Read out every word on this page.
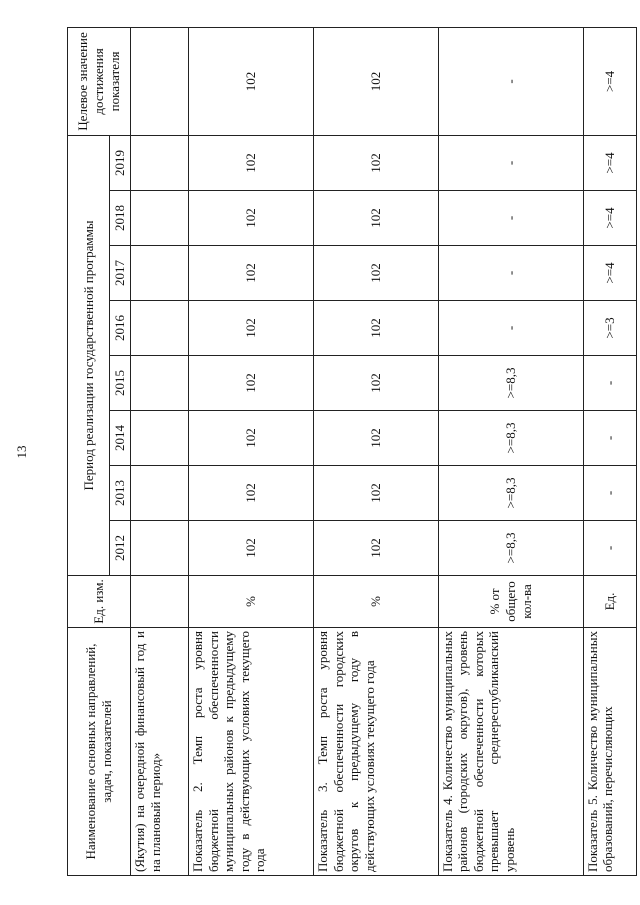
13
Наименование основных направлений, задач, показателей	Ед. изм.	Период реализации государственной программы								Целевое значение достижения показателя
		2012	2013	2014	2015	2016	2017	2018	2019	
(Якутия) на очередной финансовый год и на плановый период»										
Показатель 2. Темп роста уровня бюджетной обеспеченности муниципальных районов к предыдущему году в действующих условиях текущего года	%	102	102	102	102	102	102	102	102	102
Показатель 3. Темп роста уровня бюджетной обеспеченности городских округов к предыдущему году в действующих условиях текущего года	%	102	102	102	102	102	102	102	102	102
Показатель 4. Количество муниципальных районов (городских округов), уровень бюджетной обеспеченности которых превышает среднереспубликанский уровень	% от общего кол-ва	>=8,3	>=8,3	>=8,3	>=8,3	-	-	-	-	-
Показатель 5. Количество муниципальных образований, перечисляющих	Ед.	-	-	-	-	>=3	>=4	>=4	>=4	>=4
